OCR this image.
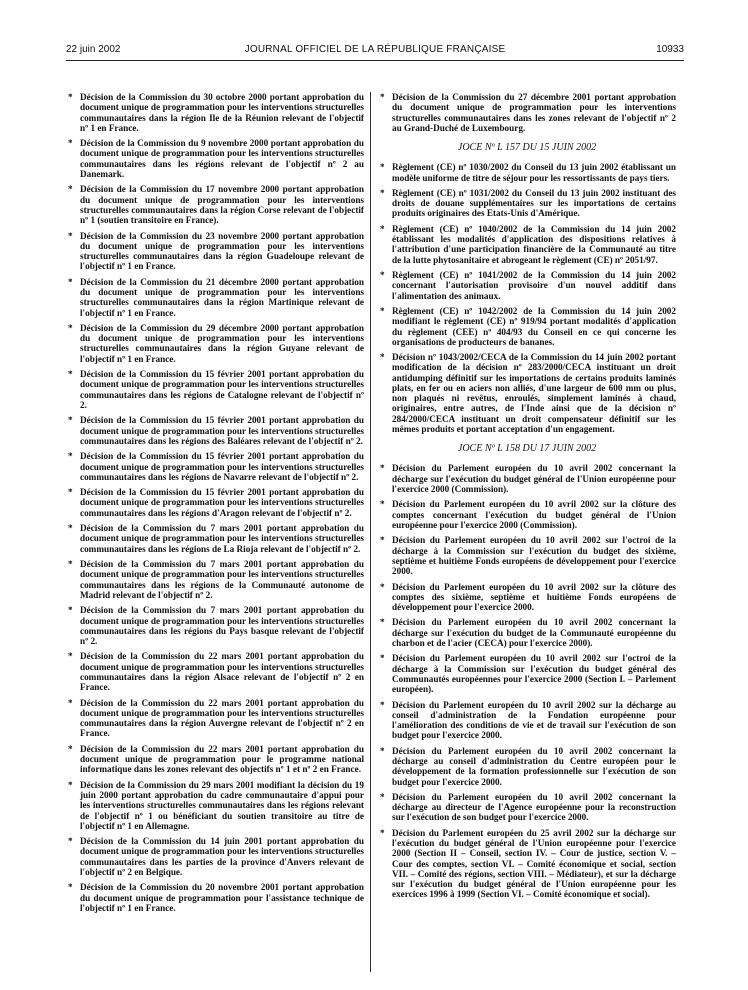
22 juin 2002	JOURNAL OFFICIEL DE LA RÉPUBLIQUE FRANÇAISE	10933
* Décision de la Commission du 30 octobre 2000 portant approbation du document unique de programmation pour les interventions structurelles communautaires dans la région Ile de la Réunion relevant de l'objectif nº 1 en France.
* Décision de la Commission du 9 novembre 2000 portant approbation du document unique de programmation pour les interventions structurelles communautaires dans les régions relevant de l'objectif nº 2 au Danemark.
* Décision de la Commission du 17 novembre 2000 portant approbation du document unique de programmation pour les interventions structurelles communautaires dans la région Corse relevant de l'objectif nº 1 (soutien transitoire en France).
* Décision de la Commission du 23 novembre 2000 portant approbation du document unique de programmation pour les interventions structurelles communautaires dans la région Guadeloupe relevant de l'objectif nº 1 en France.
* Décision de la Commission du 21 décembre 2000 portant approbation du document unique de programmation pour les interventions structurelles communautaires dans la région Martinique relevant de l'objectif nº 1 en France.
* Décision de la Commission du 29 décembre 2000 portant approbation du document unique de programmation pour les interventions structurelles communautaires dans la région Guyane relevant de l'objectif nº 1 en France.
* Décision de la Commission du 15 février 2001 portant approbation du document unique de programmation pour les interventions structurelles communautaires dans les régions de Catalogne relevant de l'objectif nº 2.
* Décision de la Commission du 15 février 2001 portant approbation du document unique de programmation pour les interventions structurelles communautaires dans les régions des Baléares relevant de l'objectif nº 2.
* Décision de la Commission du 15 février 2001 portant approbation du document unique de programmation pour les interventions structurelles communautaires dans les régions de Navarre relevant de l'objectif nº 2.
* Décision de la Commission du 15 février 2001 portant approbation du document unique de programmation pour les interventions structurelles communautaires dans les régions d'Aragon relevant de l'objectif nº 2.
* Décision de la Commission du 7 mars 2001 portant approbation du document unique de programmation pour les interventions structurelles communautaires dans les régions de La Rioja relevant de l'objectif nº 2.
* Décision de la Commission du 7 mars 2001 portant approbation du document unique de programmation pour les interventions structurelles communautaires dans les régions de la Communauté autonome de Madrid relevant de l'objectif nº 2.
* Décision de la Commission du 7 mars 2001 portant approbation du document unique de programmation pour les interventions structurelles communautaires dans les régions du Pays basque relevant de l'objectif nº 2.
* Décision de la Commission du 22 mars 2001 portant approbation du document unique de programmation pour les interventions structurelles communautaires dans la région Alsace relevant de l'objectif nº 2 en France.
* Décision de la Commission du 22 mars 2001 portant approbation du document unique de programmation pour les interventions structurelles communautaires dans la région Auvergne relevant de l'objectif nº 2 en France.
* Décision de la Commission du 22 mars 2001 portant approbation du document unique de programmation pour le programme national informatique dans les zones relevant des objectifs nº 1 et nº 2 en France.
* Décision de la Commission du 29 mars 2001 modifiant la décision du 19 juin 2000 portant approbation du cadre communautaire d'appui pour les interventions structurelles communautaires dans les régions relevant de l'objectif nº 1 ou bénéficiant du soutien transitoire au titre de l'objectif nº 1 en Allemagne.
* Décision de la Commission du 14 juin 2001 portant approbation du document unique de programmation pour les interventions structurelles communautaires dans les parties de la province d'Anvers relevant de l'objectif nº 2 en Belgique.
* Décision de la Commission du 20 novembre 2001 portant approbation du document unique de programmation pour l'assistance technique de l'objectif nº 1 en France.
* Décision de la Commission du 27 décembre 2001 portant approbation du document unique de programmation pour les interventions structurelles communautaires dans les zones relevant de l'objectif nº 2 au Grand-Duché de Luxembourg.
JOCE Nº L 157 DU 15 JUIN 2002
* Règlement (CE) nº 1030/2002 du Conseil du 13 juin 2002 établissant un modèle uniforme de titre de séjour pour les ressortissants de pays tiers.
* Règlement (CE) nº 1031/2002 du Conseil du 13 juin 2002 instituant des droits de douane supplémentaires sur les importations de certains produits originaires des Etats-Unis d'Amérique.
* Règlement (CE) nº 1040/2002 de la Commission du 14 juin 2002 établissant les modalités d'application des dispositions relatives à l'attribution d'une participation financière de la Communauté au titre de la lutte phytosanitaire et abrogeant le règlement (CE) nº 2051/97.
* Règlement (CE) nº 1041/2002 de la Commission du 14 juin 2002 concernant l'autorisation provisoire d'un nouvel additif dans l'alimentation des animaux.
* Règlement (CE) nº 1042/2002 de la Commission du 14 juin 2002 modifiant le règlement (CE) nº 919/94 portant modalités d'application du règlement (CEE) nº 404/93 du Conseil en ce qui concerne les organisations de producteurs de bananes.
* Décision nº 1043/2002/CECA de la Commission du 14 juin 2002 portant modification de la décision nº 283/2000/CECA instituant un droit antidumping définitif sur les importations de certains produits laminés plats, en fer ou en aciers non alliés, d'une largeur de 600 mm ou plus, non plaqués ni revêtus, enroulés, simplement laminés à chaud, originaires, entre autres, de l'Inde ainsi que de la décision nº 284/2000/CECA instituant un droit compensateur définitif sur les mêmes produits et portant acceptation d'un engagement.
JOCE Nº L 158 DU 17 JUIN 2002
* Décision du Parlement européen du 10 avril 2002 concernant la décharge sur l'exécution du budget général de l'Union européenne pour l'exercice 2000 (Commission).
* Décision du Parlement européen du 10 avril 2002 sur la clôture des comptes concernant l'exécution du budget général de l'Union européenne pour l'exercice 2000 (Commission).
* Décision du Parlement européen du 10 avril 2002 sur l'octroi de la décharge à la Commission sur l'exécution du budget des sixième, septième et huitième Fonds européens de développement pour l'exercice 2000.
* Décision du Parlement européen du 10 avril 2002 sur la clôture des comptes des sixième, septième et huitième Fonds européens de développement pour l'exercice 2000.
* Décision du Parlement européen du 10 avril 2002 concernant la décharge sur l'exécution du budget de la Communauté européenne du charbon et de l'acier (CECA) pour l'exercice 2000).
* Décision du Parlement européen du 10 avril 2002 sur l'octroi de la décharge à la Commission sur l'exécution du budget général des Communautés européennes pour l'exercice 2000 (Section I. – Parlement européen).
* Décision du Parlement européen du 10 avril 2002 sur la décharge au conseil d'administration de la Fondation européenne pour l'amélioration des conditions de vie et de travail sur l'exécution de son budget pour l'exercice 2000.
* Décision du Parlement européen du 10 avril 2002 concernant la décharge au conseil d'administration du Centre européen pour le développement de la formation professionnelle sur l'exécution de son budget pour l'exercice 2000.
* Décision du Parlement européen du 10 avril 2002 concernant la décharge au directeur de l'Agence européenne pour la reconstruction sur l'exécution de son budget pour l'exercice 2000.
* Décision du Parlement européen du 25 avril 2002 sur la décharge sur l'exécution du budget général de l'Union européenne pour l'exercice 2000 (Section II – Conseil, section IV. – Cour de justice, section V. – Cour des comptes, section VI. – Comité économique et social, section VII. – Comité des régions, section VIII. – Médiateur), et sur la décharge sur l'exécution du budget général de l'Union européenne pour les exercices 1996 à 1999 (Section VI. – Comité économique et social).
